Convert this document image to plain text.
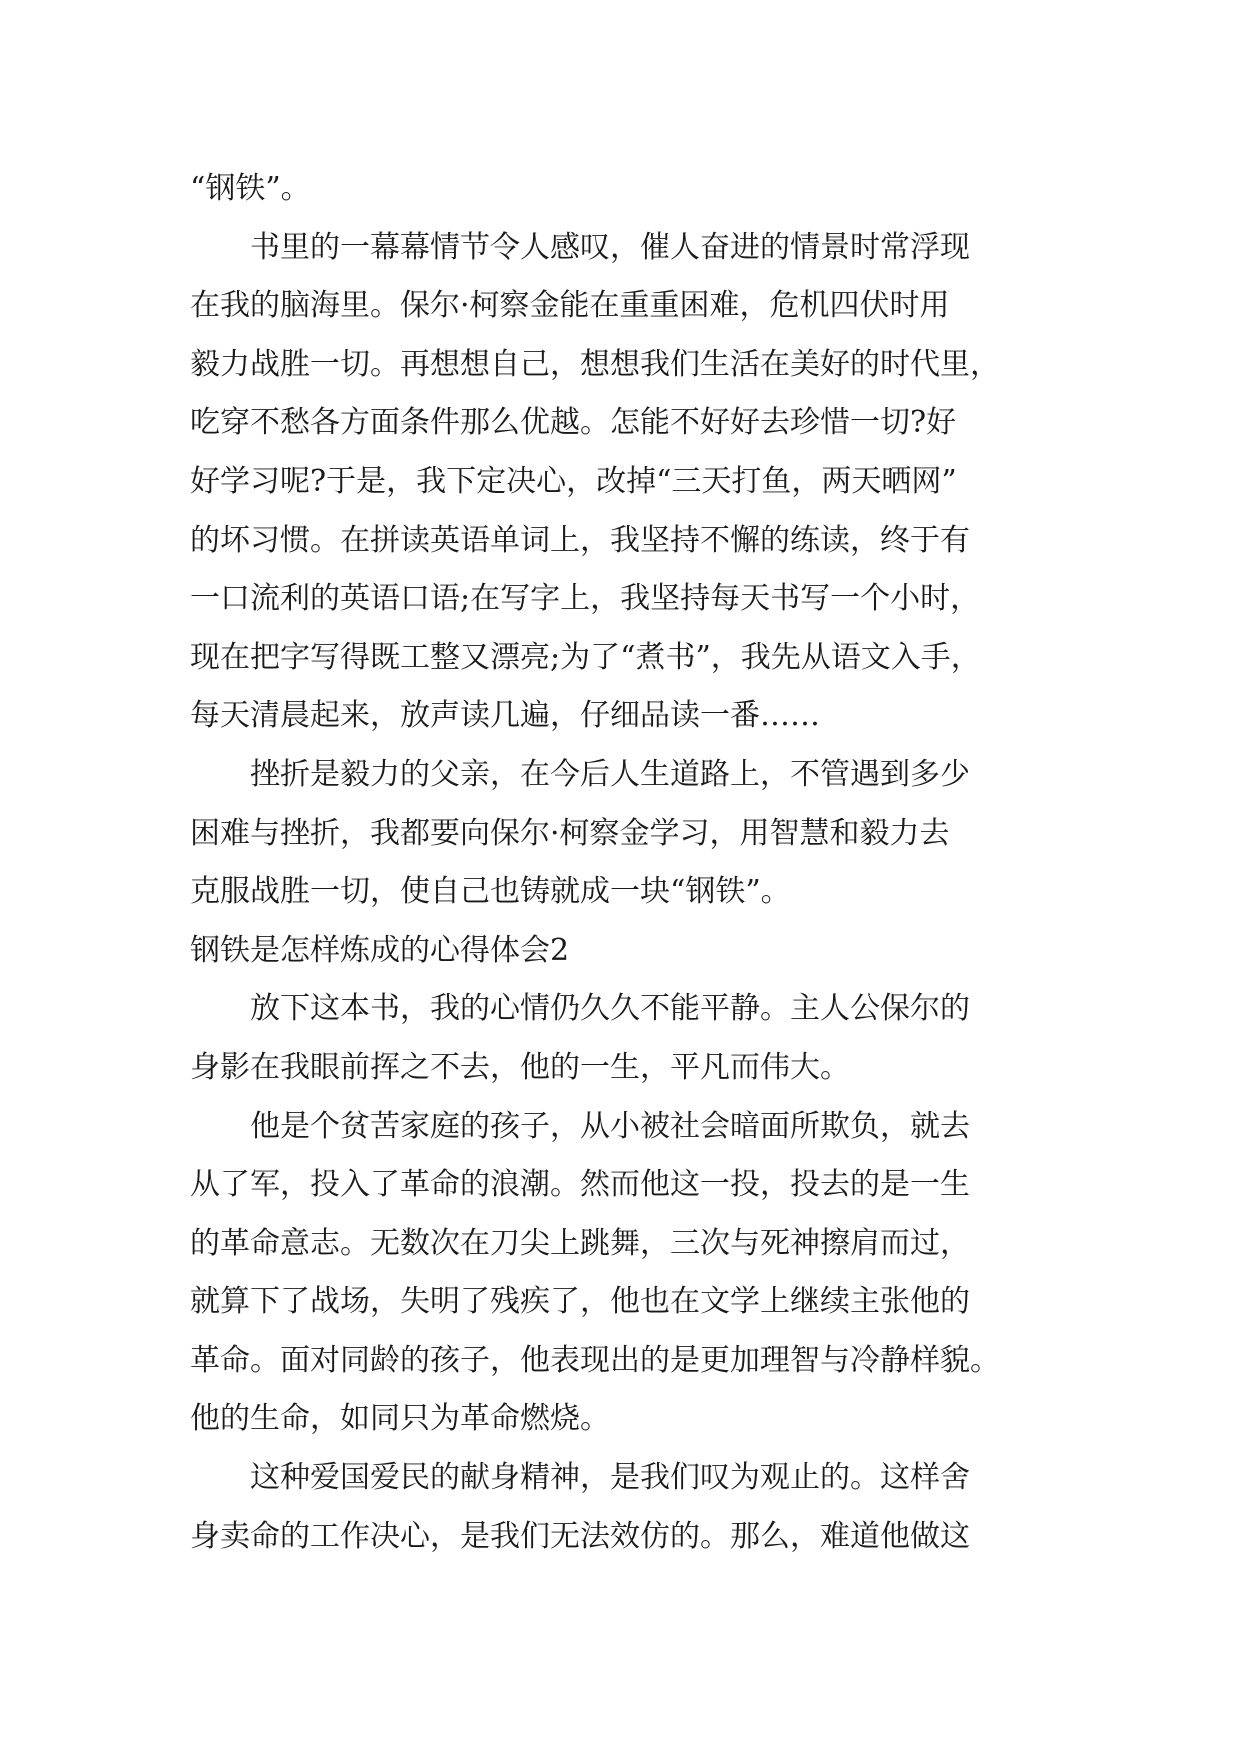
“钢铁”。
书里的一幕幕情节令人感叹，催人奋进的情景时常浮现
在我的脑海里。保尔·柯察金能在重重困难，危机四伏时用
毅力战胜一切。再想想自己，想想我们生活在美好的时代里，
吃穿不愁各方面条件那么优越。怎能不好好去珍惜一切?好
好学习呢?于是，我下定决心，改掉“三天打鱼，两天晒网”
的坏习惯。在拼读英语单词上，我坚持不懈的练读，终于有
一口流利的英语口语;在写字上，我坚持每天书写一个小时，
现在把字写得既工整又漂亮;为了“煮书”，我先从语文入手，
每天清晨起来，放声读几遍，仔细品读一番……
挫折是毅力的父亲，在今后人生道路上，不管遇到多少
困难与挫折，我都要向保尔·柯察金学习，用智慧和毅力去
克服战胜一切，使自己也铸就成一块“钢铁”。
钢铁是怎样炼成的心得体会2
放下这本书，我的心情仍久久不能平静。主人公保尔的
身影在我眼前挥之不去，他的一生，平凡而伟大。
他是个贫苦家庭的孩子，从小被社会暗面所欺负，就去
从了军，投入了革命的浪潮。然而他这一投，投去的是一生
的革命意志。无数次在刀尖上跳舞，三次与死神擦肩而过，
就算下了战场，失明了残疾了，他也在文学上继续主张他的
革命。面对同龄的孩子，他表现出的是更加理智与冷静样貌。
他的生命，如同只为革命燃烧。
这种爱国爱民的献身精神，是我们叹为观止的。这样舍
身卖命的工作决心，是我们无法效仿的。那么，难道他做这
